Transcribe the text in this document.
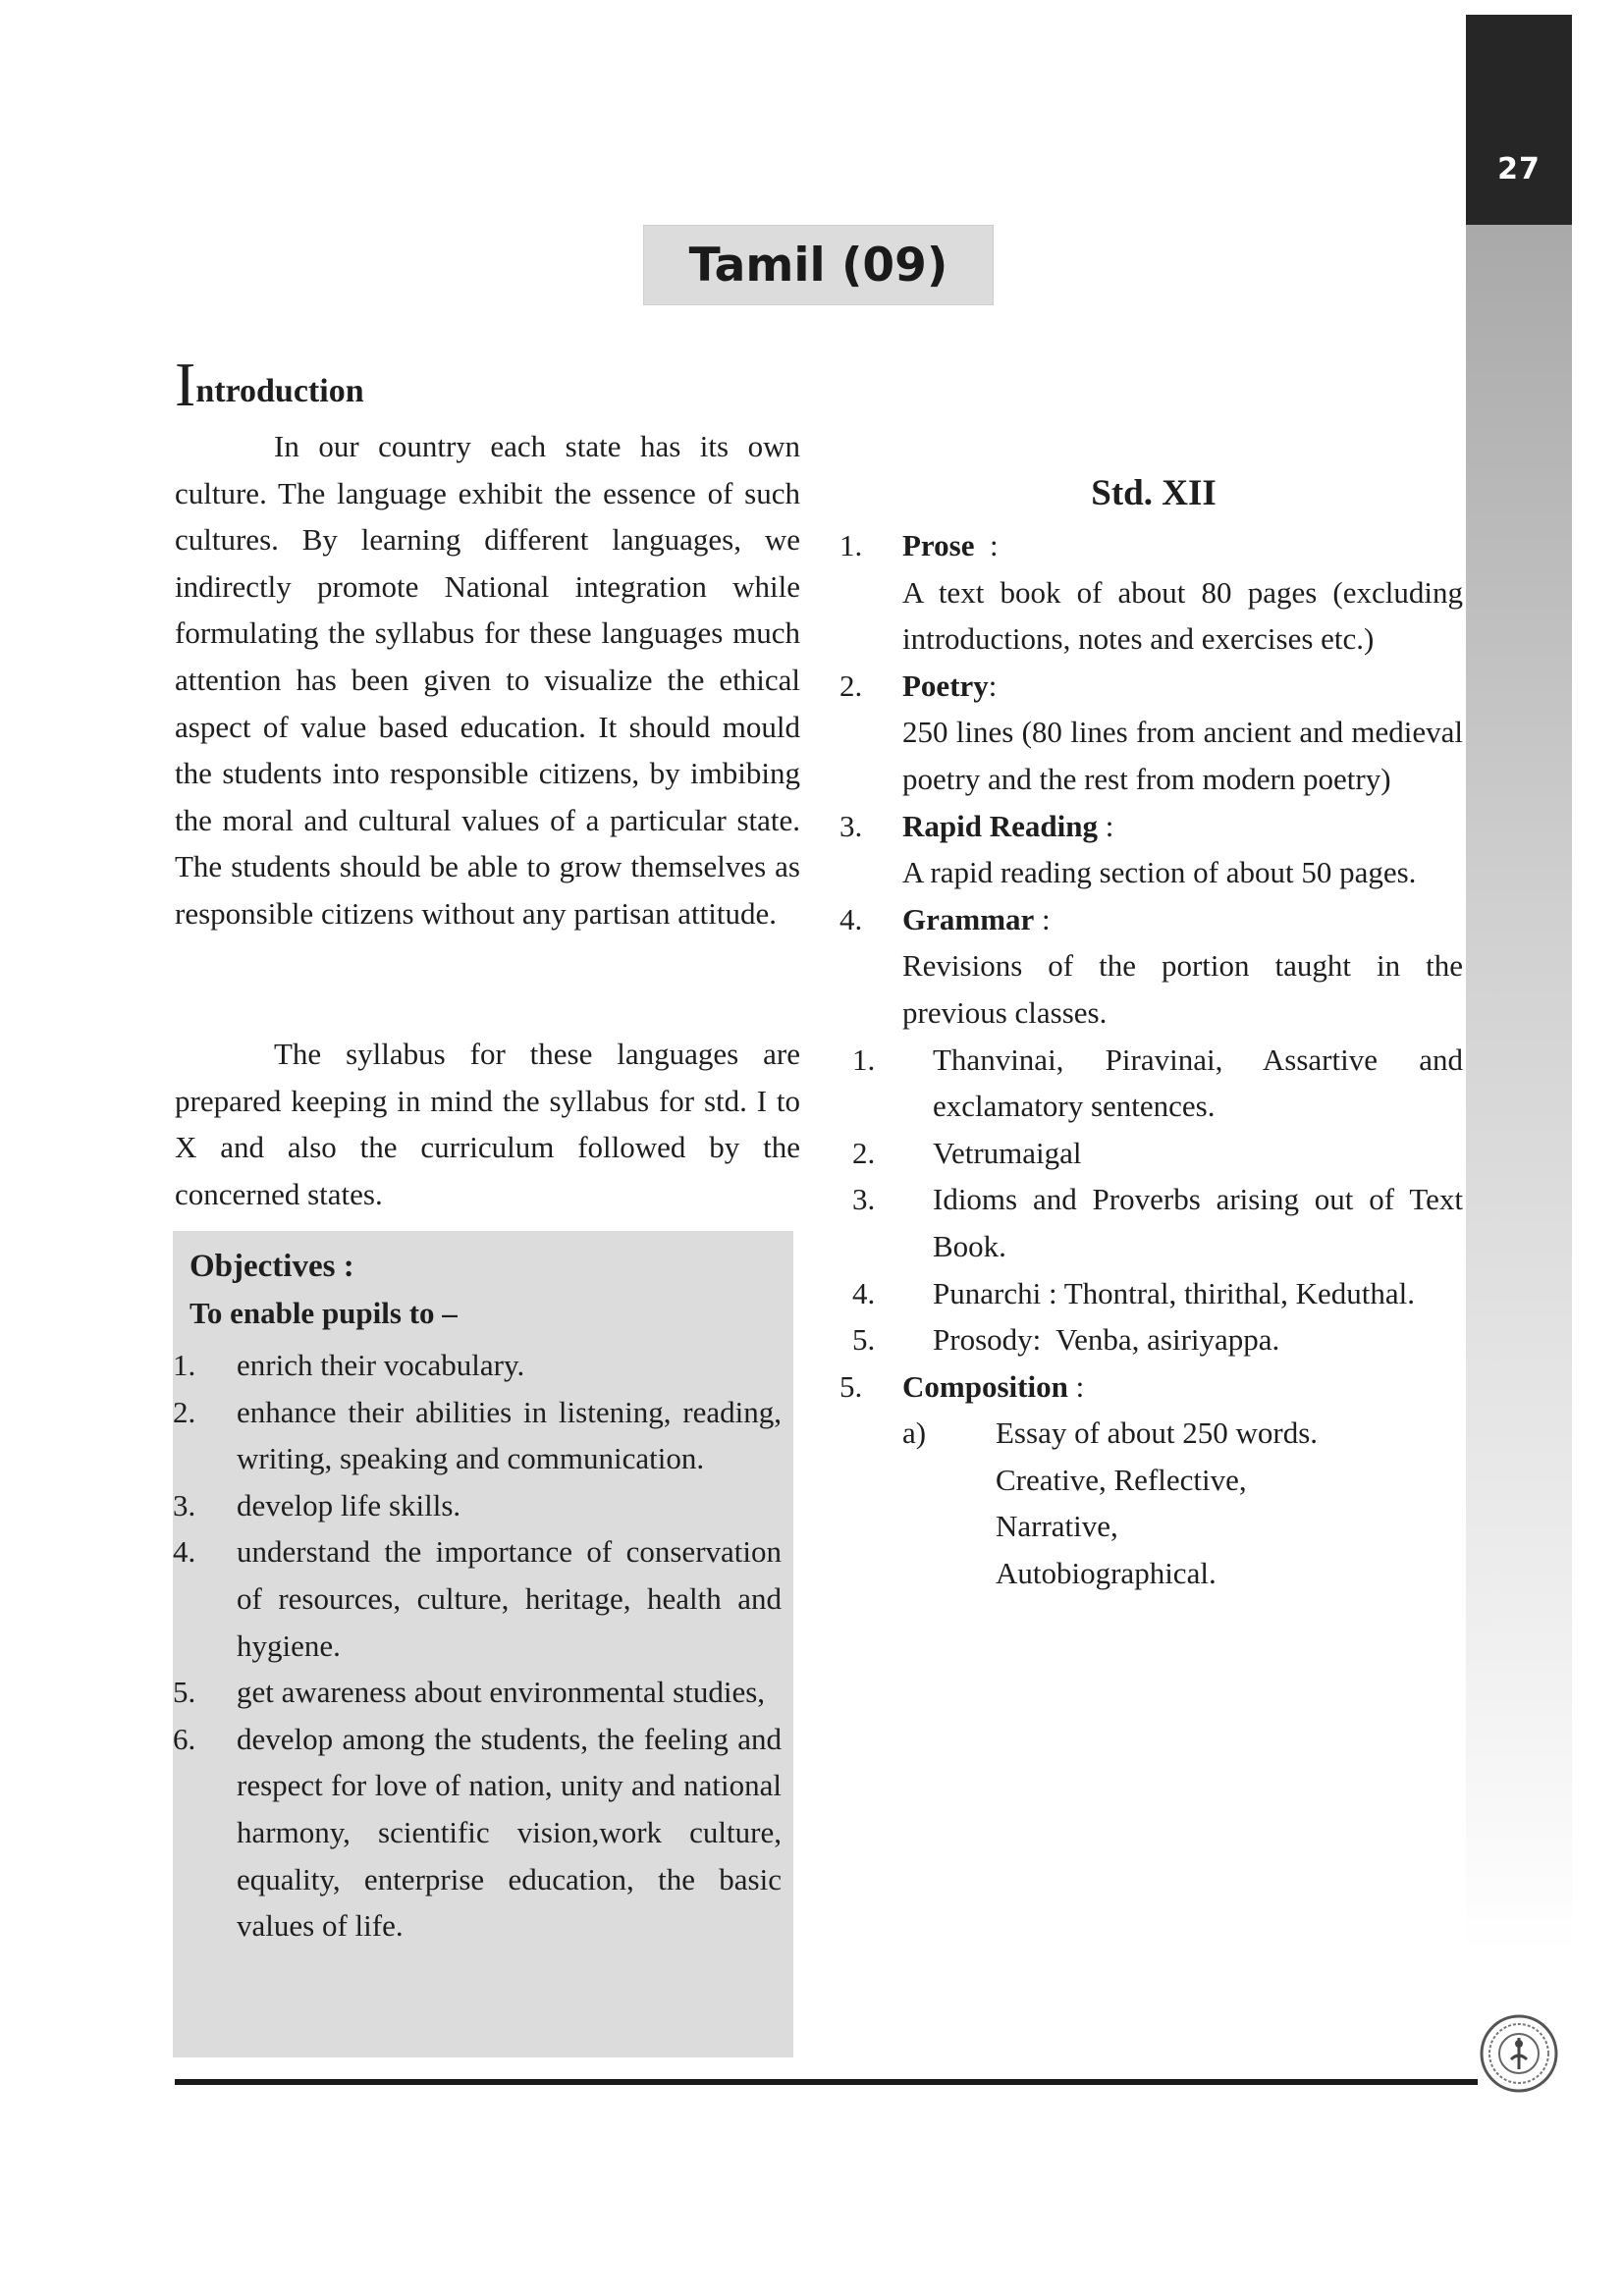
27
Tamil (09)
Introduction
In our country each state has its own culture. The language exhibit the essence of such cultures. By learning different languages, we indirectly promote National integration while formulating the syllabus for these languages much attention has been given to visualize the ethical aspect of value based education. It should mould the students into responsible citizens, by imbibing the moral and cultural values of a particular state. The students should be able to grow themselves as responsible citizens without any partisan attitude.
The syllabus for these languages are prepared keeping in mind the syllabus for std. I to X and also the curriculum followed by the concerned states.
Objectives :
To enable pupils to –
1.	enrich their vocabulary.
2.	enhance their abilities in listening, reading, writing, speaking and communication.
3.	develop life skills.
4.	understand the importance of conservation of resources, culture, heritage, health and hygiene.
5.	get awareness about environmental studies,
6.	develop among the students, the feeling and respect for love of nation, unity and national harmony, scientific vision,work culture, equality, enterprise education, the basic values of life.
Std. XII
1.	Prose  :
A text book of about 80 pages (excluding introductions, notes and exercises etc.)
2.	Poetry:
250 lines (80 lines from ancient and medieval poetry and the rest from modern poetry)
3.	Rapid Reading :
A rapid reading section of about 50 pages.
4.	Grammar :
Revisions of the portion taught in the previous classes.
1.	Thanvinai, Piravinai, Assartive and exclamatory sentences.
2.	Vetrumaigal
3.	Idioms and Proverbs arising out of Text Book.
4.	Punarchi : Thontral, thirithal, Keduthal.
5.	Prosody:  Venba, asiriyappa.
5.	Composition :
a)	Essay of about 250 words. Creative, Reflective, Narrative, Autobiographical.
